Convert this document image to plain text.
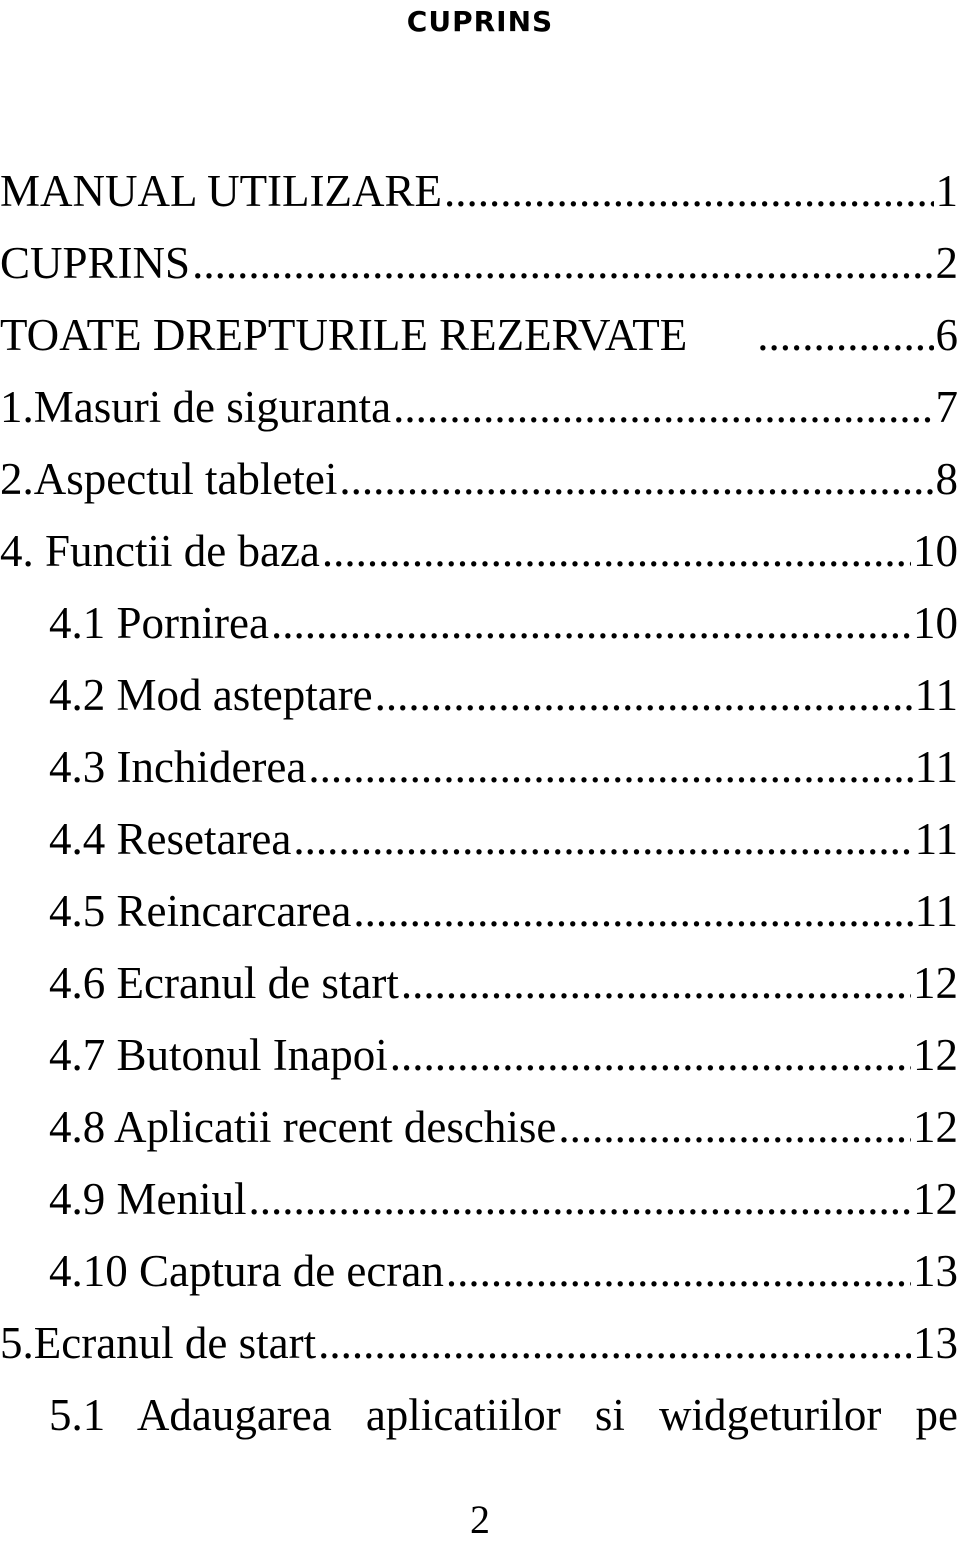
CUPRINS
MANUAL UTILIZARE .....	1
CUPRINS .....	2
TOATE DREPTURILE REZERVATE .....	6
1.Masuri de siguranta .....	7
2.Aspectul tabletei .....	8
4. Functii de baza .....	10
4.1 Pornirea .....	10
4.2 Mod asteptare .....	11
4.3 Inchiderea .....	11
4.4 Resetarea .....	11
4.5 Reincarcarea .....	11
4.6 Ecranul de start .....	12
4.7 Butonul Inapoi .....	12
4.8 Aplicatii recent deschise .....	12
4.9 Meniul .....	12
4.10 Captura de ecran .....	13
5.Ecranul de start .....	13
5.1 Adaugarea aplicatiilor si widgeturilor pe
2
